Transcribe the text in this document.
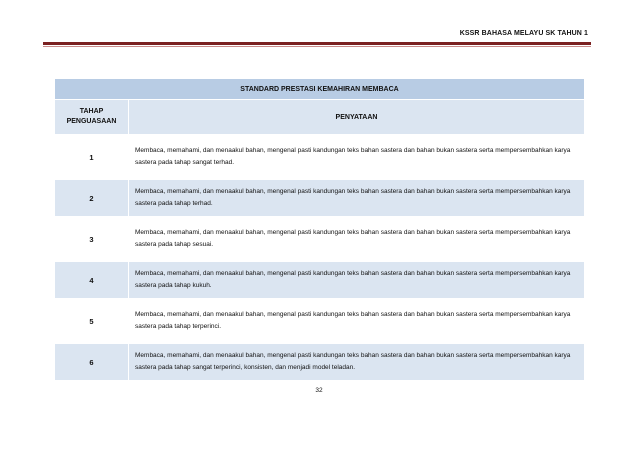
KSSR BAHASA MELAYU SK TAHUN 1
STANDARD PRESTASI KEMAHIRAN MEMBACA	
TAHAP
PENGUASAAN	PENYATAAN

1	Membaca, memahami, dan menaakul bahan, mengenal pasti kandungan teks bahan sastera dan bahan bukan sastera serta mempersembahkan karya sastera pada tahap sangat terhad.

2	Membaca, memahami, dan menaakul bahan, mengenal pasti kandungan teks bahan sastera dan bahan bukan sastera serta mempersembahkan karya sastera pada tahap terhad.

3	Membaca, memahami, dan menaakul bahan, mengenal pasti kandungan teks bahan sastera dan bahan bukan sastera serta mempersembahkan karya sastera pada tahap sesuai.

4	Membaca, memahami, dan menaakul bahan, mengenal pasti kandungan teks bahan sastera dan bahan bukan sastera serta mempersembahkan karya sastera pada tahap kukuh.

5	Membaca, memahami, dan menaakul bahan, mengenal pasti kandungan teks bahan sastera dan bahan bukan sastera serta mempersembahkan karya sastera pada tahap terperinci.

6	Membaca, memahami, dan menaakul bahan, mengenal pasti kandungan teks bahan sastera dan bahan bukan sastera serta mempersembahkan karya sastera pada tahap sangat terperinci, konsisten, dan menjadi model teladan.
32
